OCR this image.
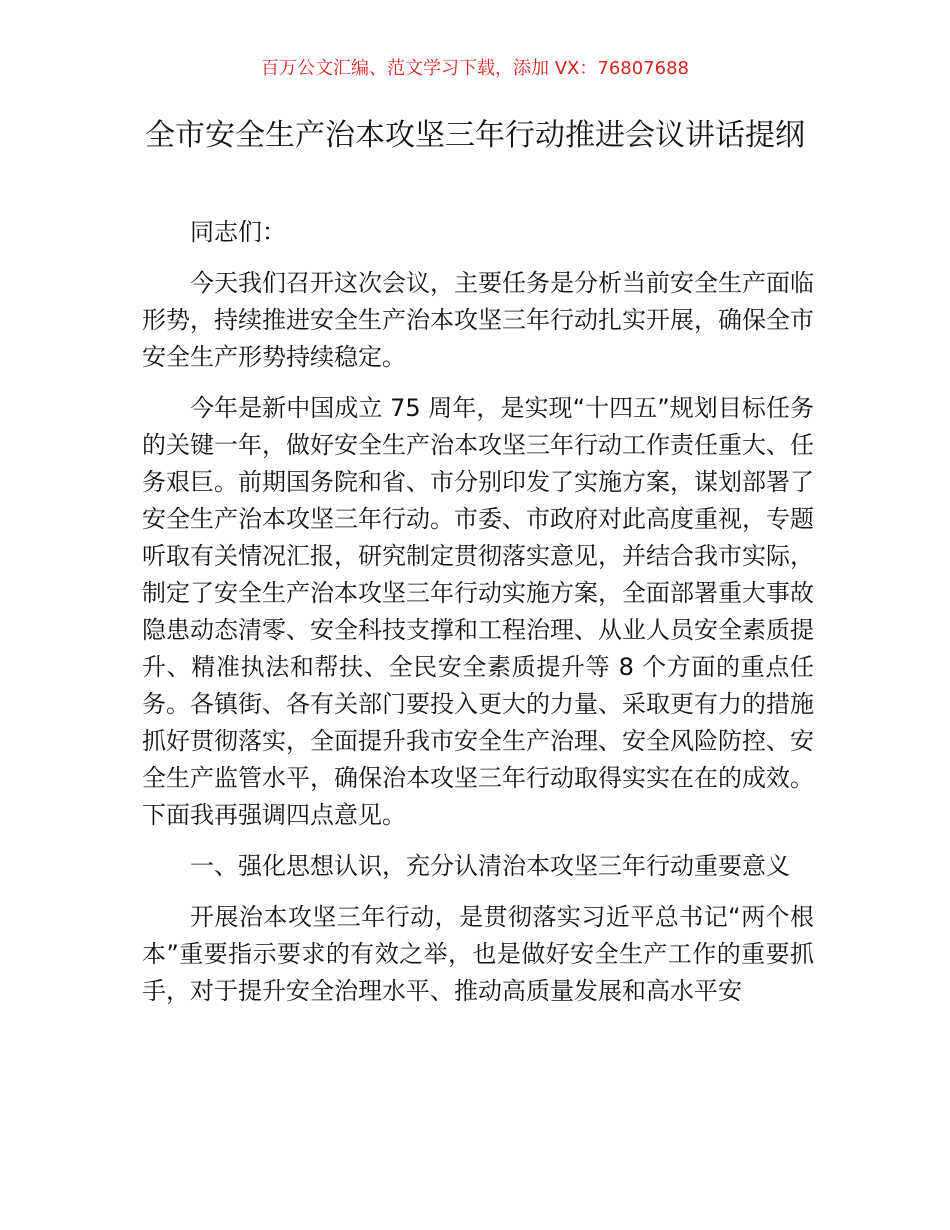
百万公文汇编、范文学习下载，添加 VX：76807688
全市安全生产治本攻坚三年行动推进会议讲话提纲

同志们：

今天我们召开这次会议，主要任务是分析当前安全生产面临形势，持续推进安全生产治本攻坚三年行动扎实开展，确保全市安全生产形势持续稳定。

今年是新中国成立 75 周年，是实现“十四五”规划目标任务的关键一年，做好安全生产治本攻坚三年行动工作责任重大、任务艰巨。前期国务院和省、市分别印发了实施方案，谋划部署了安全生产治本攻坚三年行动。市委、市政府对此高度重视，专题听取有关情况汇报，研究制定贯彻落实意见，并结合我市实际，制定了安全生产治本攻坚三年行动实施方案，全面部署重大事故隐患动态清零、安全科技支撑和工程治理、从业人员安全素质提升、精准执法和帮扶、全民安全素质提升等 8 个方面的重点任务。各镇街、各有关部门要投入更大的力量、采取更有力的措施抓好贯彻落实，全面提升我市安全生产治理、安全风险防控、安全生产监管水平，确保治本攻坚三年行动取得实实在在的成效。下面我再强调四点意见。

一、强化思想认识，充分认清治本攻坚三年行动重要意义

开展治本攻坚三年行动，是贯彻落实习近平总书记“两个根本”重要指示要求的有效之举，也是做好安全生产工作的重要抓手，对于提升安全治理水平、推动高质量发展和高水平安
